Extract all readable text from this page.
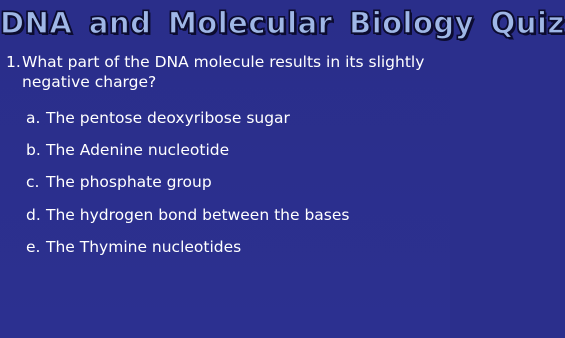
DNA and Molecular Biology Quiz
1. What part of the DNA molecule results in its slightly negative charge?
a. The pentose deoxyribose sugar
b. The Adenine nucleotide
c. The phosphate group
d. The hydrogen bond between the bases
e. The Thymine nucleotides
